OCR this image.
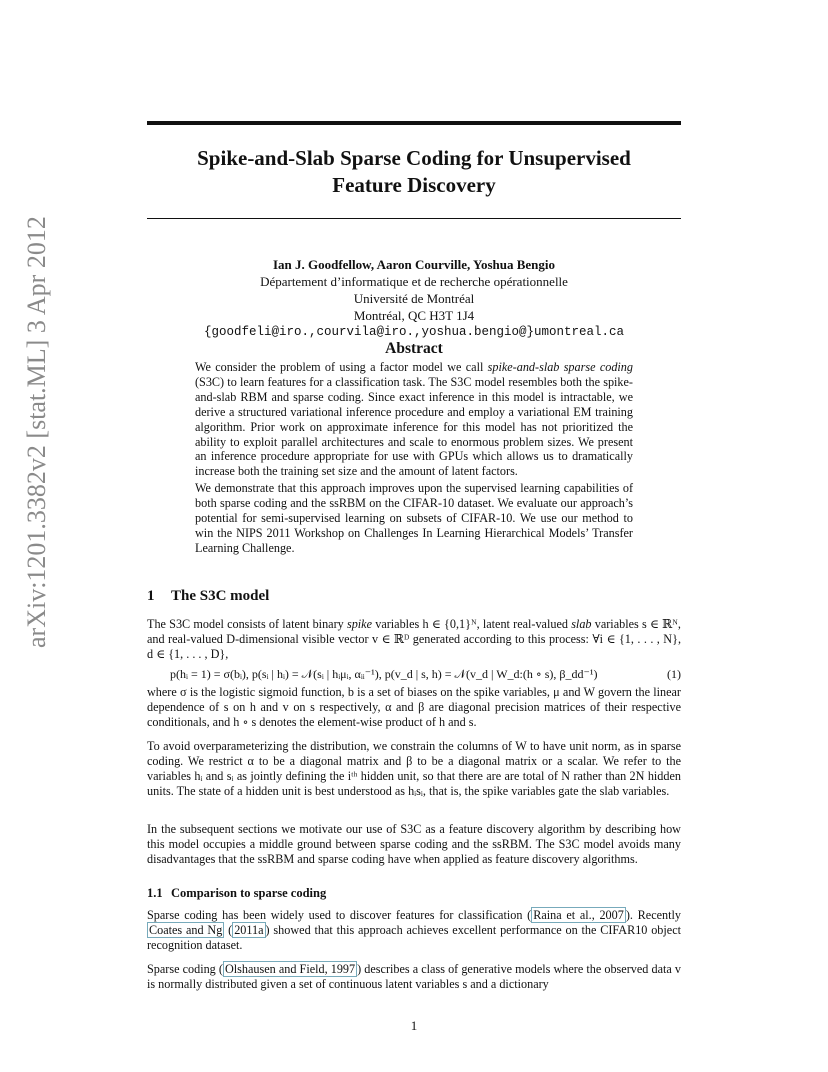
arXiv:1201.3382v2 [stat.ML] 3 Apr 2012
Spike-and-Slab Sparse Coding for Unsupervised
Feature Discovery
Ian J. Goodfellow, Aaron Courville, Yoshua Bengio
Département d’informatique et de recherche opérationnelle
Université de Montréal
Montréal, QC H3T 1J4
{goodfeli@iro.,courvila@iro.,yoshua.bengio@}umontreal.ca
Abstract

We consider the problem of using a factor model we call spike-and-slab sparse coding (S3C) to learn features for a classification task. The S3C model resembles both the spike-and-slab RBM and sparse coding. Since exact inference in this model is intractable, we derive a structured variational inference procedure and employ a variational EM training algorithm. Prior work on approximate inference for this model has not prioritized the ability to exploit parallel architectures and scale to enormous problem sizes. We present an inference procedure appropriate for use with GPUs which allows us to dramatically increase both the training set size and the amount of latent factors.

We demonstrate that this approach improves upon the supervised learning capabilities of both sparse coding and the ssRBM on the CIFAR-10 dataset. We evaluate our approach’s potential for semi-supervised learning on subsets of CIFAR-10. We use our method to win the NIPS 2011 Workshop on Challenges In Learning Hierarchical Models’ Transfer Learning Challenge.

1 The S3C model

The S3C model consists of latent binary spike variables h ∈ {0,1}ᴺ, latent real-valued slab variables s ∈ ℝᴺ, and real-valued D-dimensional visible vector v ∈ ℝᴰ generated according to this process: ∀i ∈ {1, . . . , N}, d ∈ {1, . . . , D},

p(hᵢ = 1) = σ(bᵢ), p(sᵢ | hᵢ) = 𝒩(sᵢ | hᵢμᵢ, αᵢᵢ⁻¹), p(v_d | s, h) = 𝒩(v_d | W_d:(h ∘ s), β_dd⁻¹)	(1)
where σ is the logistic sigmoid function, b is a set of biases on the spike variables, μ and W govern the linear dependence of s on h and v on s respectively, α and β are diagonal precision matrices of their respective conditionals, and h ∘ s denotes the element-wise product of h and s.
To avoid overparameterizing the distribution, we constrain the columns of W to have unit norm, as in sparse coding. We restrict α to be a diagonal matrix and β to be a diagonal matrix or a scalar. We refer to the variables hᵢ and sᵢ as jointly defining the iᵗʰ hidden unit, so that there are are total of N rather than 2N hidden units. The state of a hidden unit is best understood as hᵢsᵢ, that is, the spike variables gate the slab variables.
In the subsequent sections we motivate our use of S3C as a feature discovery algorithm by describing how this model occupies a middle ground between sparse coding and the ssRBM. The S3C model avoids many disadvantages that the ssRBM and sparse coding have when applied as feature discovery algorithms.
1.1 Comparison to sparse coding

Sparse coding has been widely used to discover features for classification ( Raina et al., 2007 ). Recently Coates and Ng ( 2011a ) showed that this approach achieves excellent performance on the CIFAR10 object recognition dataset.

Sparse coding ( Olshausen and Field, 1997 ) describes a class of generative models where the observed data v is normally distributed given a set of continuous latent variables s and a dictionary

1
